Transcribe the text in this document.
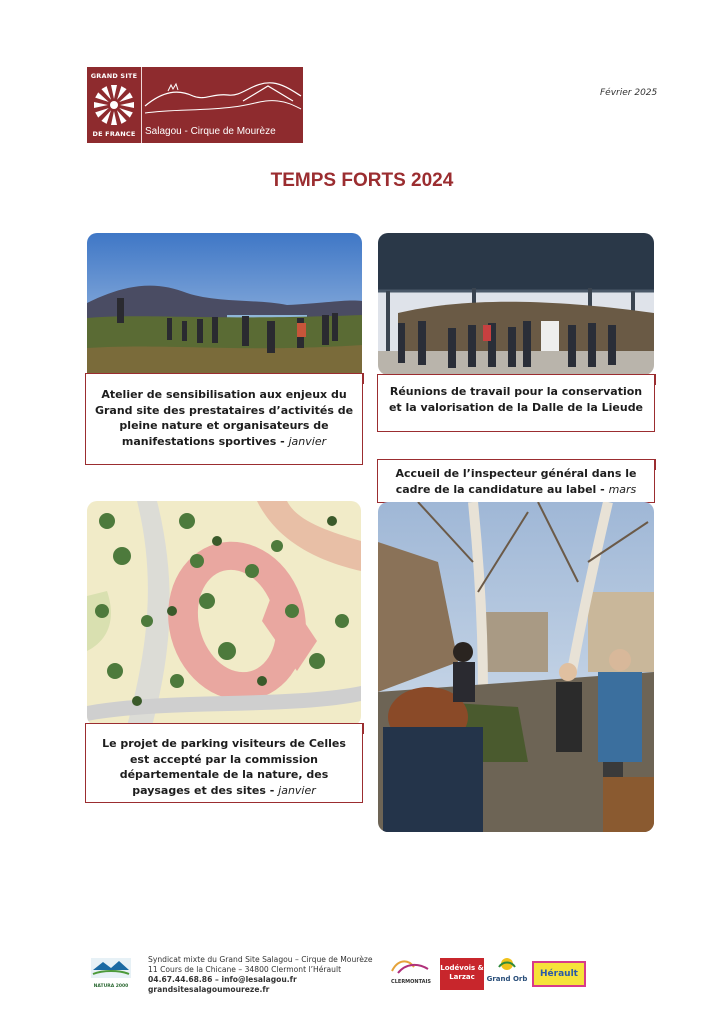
GRAND SITE
DE FRANCE Salagou - Cirque de Mourèze
Février 2025
TEMPS FORTS 2024
Atelier de sensibilisation aux enjeux du Grand site des prestataires d’activités de pleine nature et organisateurs de manifestations sportives - janvier
Réunions de travail pour la conservation et la valorisation de la Dalle de la Lieude
Accueil de l’inspecteur général dans le cadre de la candidature au label - mars
Le projet de parking visiteurs de Celles est accepté par la commission départementale de la nature, des paysages et des sites - janvier
NATURA 2000
Syndicat mixte du Grand Site Salagou – Cirque de Mourèze
11 Cours de la Chicane – 34800 Clermont l’Hérault
04.67.44.68.86 – info@lesalagou.fr
grandsitesalagoumoureze.fr
CLERMONTAIS
Lodévois & Larzac	Grand Orb	Hérault
